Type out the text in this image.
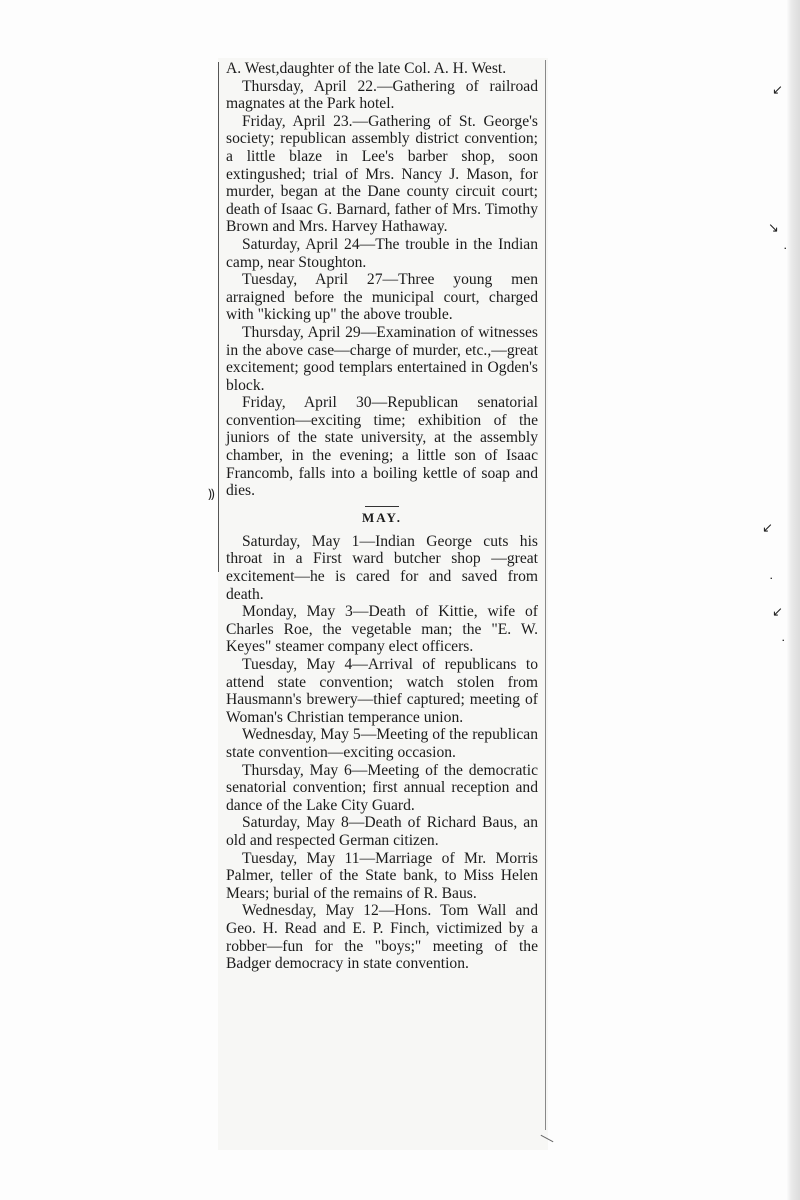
A. West,daughter of the late Col. A. H. West.

Thursday, April 22.—Gathering of railroad magnates at the Park hotel.

Friday, April 23.—Gathering of St. George's society; republican assembly district convention; a little blaze in Lee's barber shop, soon extingushed; trial of Mrs. Nancy J. Mason, for murder, began at the Dane county circuit court; death of Isaac G. Barnard, father of Mrs. Timothy Brown and Mrs. Harvey Hathaway.

Saturday, April 24—The trouble in the Indian camp, near Stoughton.

Tuesday, April 27—Three young men arraigned before the municipal court, charged with "kicking up" the above trouble.

Thursday, April 29—Examination of witnesses in the above case—charge of murder, etc.,—great excitement; good templars entertained in Ogden's block.

Friday, April 30—Republican senatorial convention—exciting time; exhibition of the juniors of the state university, at the assembly chamber, in the evening; a little son of Isaac Francomb, falls into a boiling kettle of soap and dies.

MAY.

Saturday, May 1—Indian George cuts his throat in a First ward butcher shop —great excitement—he is cared for and saved from death.

Monday, May 3—Death of Kittie, wife of Charles Roe, the vegetable man; the "E. W. Keyes" steamer company elect officers.

Tuesday, May 4—Arrival of republicans to attend state convention; watch stolen from Hausmann's brewery—thief captured; meeting of Woman's Christian temperance union.

Wednesday, May 5—Meeting of the republican state convention—exciting occasion.

Thursday, May 6—Meeting of the democratic senatorial convention; first annual reception and dance of the Lake City Guard.

Saturday, May 8—Death of Richard Baus, an old and respected German citizen.

Tuesday, May 11—Marriage of Mr. Morris Palmer, teller of the State bank, to Miss Helen Mears; burial of the remains of R. Baus.

Wednesday, May 12—Hons. Tom Wall and Geo. H. Read and E. P. Finch, victimized by a robber—fun for the "boys;" meeting of the Badger democracy in state convention.

↙
↘
˙
↙
˙
↙
˙
⸩
